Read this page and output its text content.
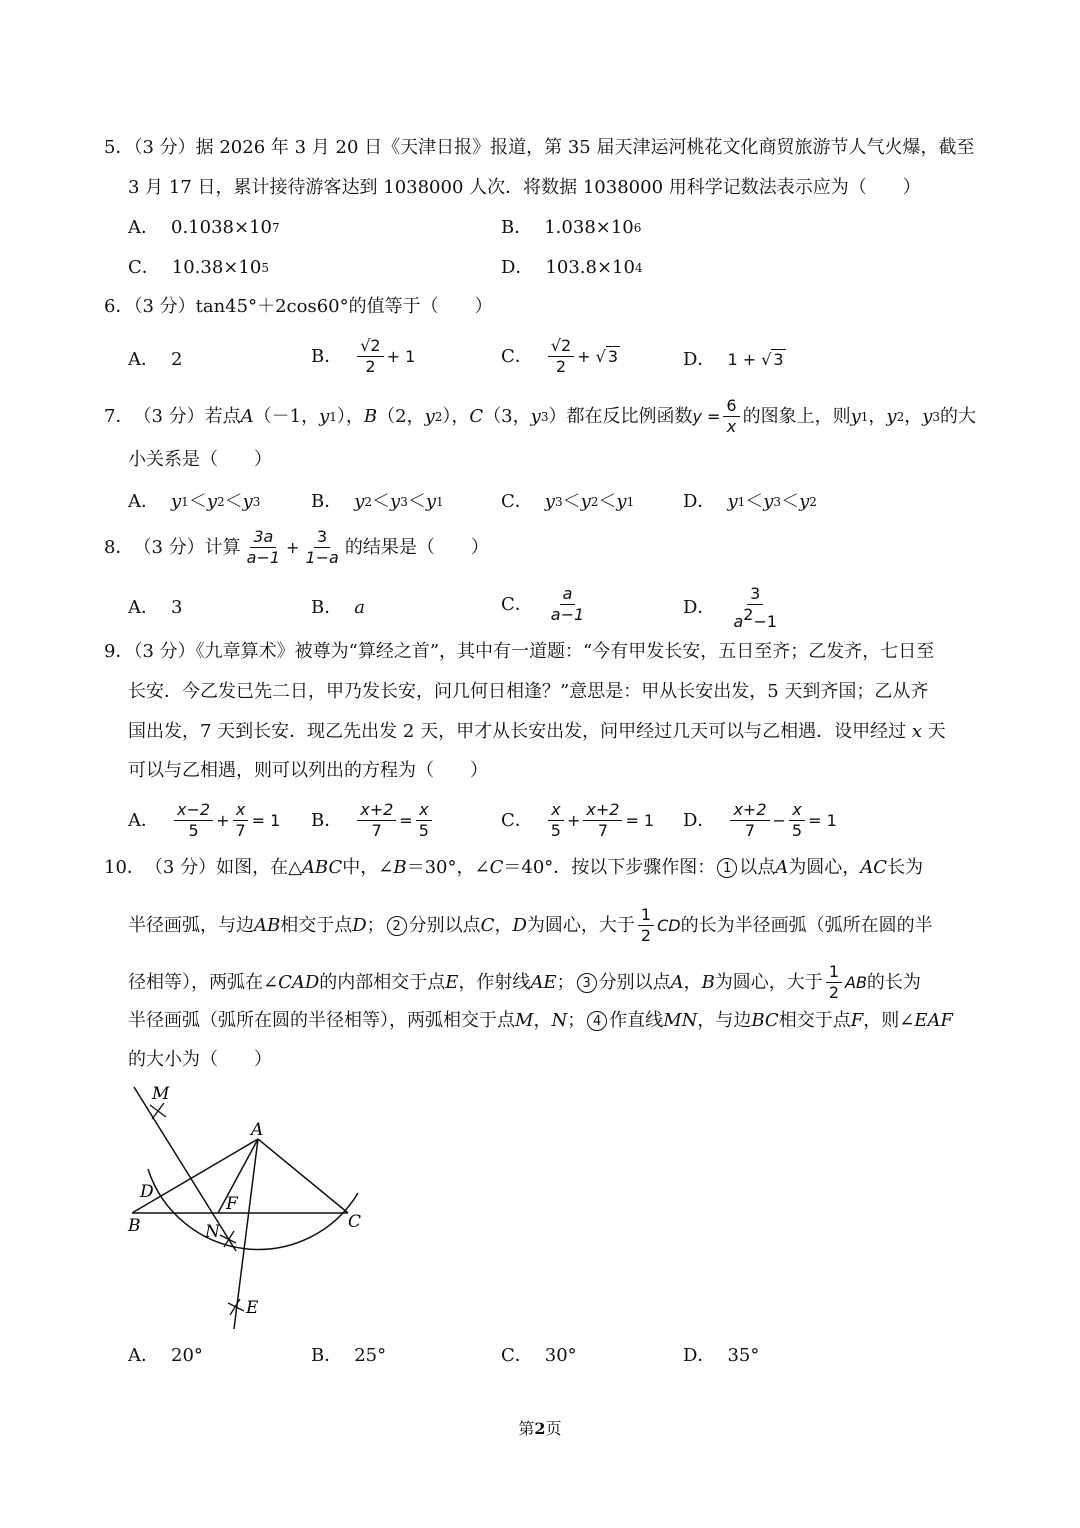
5．（3 分）据 2026 年 3 月 20 日《天津日报》报道，第 35 届天津运河桃花文化商贸旅游节人气火爆，截至
3 月 17 日，累计接待游客达到 1038000 人次．将数据 1038000 用科学记数法表示应为（　　）
A． 0.1038×10 7	B． 1.038×10 6
C． 10.38×10 5	D． 103.8×10 4
6．（3 分）tan45°＋2cos60°的值等于（　　）
A． 2	B． $\frac{√2}{2} + 1$	C． $\frac{√2}{2}$ + √ 3	D． 1 + √ 3
7． （3 分）若点 A （－1， y 1 ）， B （2， y 2 ）， C （3， y 3 ）都在反比例函数 $y = \frac{6}{x}$ 的图象上，则 y 1 ， y 2 ， y 3 的大
小关系是（　　）
A． y 1 ＜ y 2 ＜ y 3	B． y 2 ＜ y 3 ＜ y 1	C． y 3 ＜ y 2 ＜ y 1	D． y 1 ＜ y 3 ＜ y 2
8． （3 分）计算 $\frac{3a}{a-1} + \frac{3}{1-a}$ 的结果是（　　）
A． 3	B． a	C． $\frac{a}{a-1}$	D． $\frac{3}{a^2-1}$
9．（3 分）《九章算术》被尊为“算经之首”，其中有一道题：“今有甲发长安，五日至齐；乙发齐，七日至
长安．今乙发已先二日，甲乃发长安，问几何日相逢？”意思是：甲从长安出发，5 天到齐国；乙从齐
国出发，7 天到长安．现乙先出发 2 天，甲才从长安出发，问甲经过几天可以与乙相遇．设甲经过 x 天
可以与乙相遇，则可以列出的方程为（　　）
A． $\frac{x-2}{5} + \frac{x}{7} = 1$ B． $\frac{x+2}{7} = \frac{x}{5}$	C． $\frac{x}{5} + \frac{x+2}{7} = 1$ D． $\frac{x+2}{7} - \frac{x}{5} = 1$
10． （3 分）如图，在△ ABC 中，∠ B ＝30°，∠ C ＝40°．按以下步骤作图： 1 以点 A 为圆心， AC 长为
半径画弧，与边 AB 相交于点 D ； 2 分别以点 C ， D 为圆心，大于 $\frac{1}{2}$ CD 的长为半径画弧（弧所在圆的半
径相等），两弧在∠ CAD 的内部相交于点 E ，作射线 AE ； 3 分别以点 A ， B 为圆心，大于 $\frac{1}{2}$ AB 的长为
半径画弧（弧所在圆的半径相等），两弧相交于点 M ， N ； 4 作直线 MN ，与边 BC 相交于点 F ，则∠ EAF
的大小为（　　）
M
A
D
F
B	N	C
E
A． 20°	B． 25°	C． 30°	D． 35°
第2页
